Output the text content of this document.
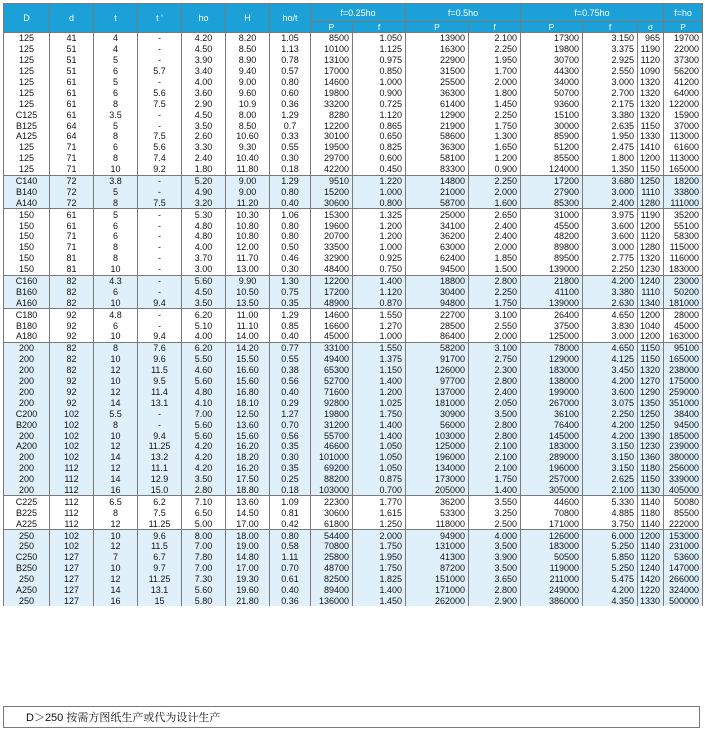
D	d	t	t '	ho	H	ho/t	f=0.25ho		f=0.5ho		f=0.75ho			f=ho
							P	f	P	f	P	f	σ	P
125	41	4	-	4.20	8.20	1.05	8500	1.050	13900	2.100	17300	3.150	965	19700
125	51	4	-	4.50	8.50	1.13	10100	1.125	16300	2.250	19800	3.375	1190	22000
125	51	5	-	3.90	8.90	0.78	13100	0.975	22900	1.950	30700	2.925	1120	37300
125	51	6	5.7	3.40	9.40	0.57	17000	0.850	31500	1.700	44300	2.550	1090	56200
125	61	5	-	4.00	9.00	0.80	14600	1.000	25500	2.000	34000	3.000	1320	41200
125	61	6	5.6	3.60	9.60	0.60	19800	0.900	36300	1.800	50700	2.700	1320	64000
125	61	8	7.5	2.90	10.9	0.36	33200	0.725	61400	1.450	93600	2.175	1320	122000
C125	61	3.5	-	4.50	8.00	1.29	8280	1.120	12900	2.250	15100	3.380	1320	15900
B125	64	5	-	3.50	8.50	0.7	12200	0.865	21900	1.750	30000	2.635	1150	37000
A125	64	8	7.5	2.60	10.60	0.33	30100	0.650	58600	1.300	85900	1.950	1330	113000
125	71	6	5.6	3.30	9.30	0.55	19500	0.825	36300	1.650	51200	2.475	1410	61600
125	71	8	7.4	2.40	10.40	0.30	29700	0.600	58100	1.200	85500	1.800	1200	113000
125	71	10	9.2	1.80	11.80	0.18	42200	0.450	83300	0.900	124000	1.350	1150	165000
C140	72	3.8	-	5.20	9.00	1.29	9510	1.220	14800	2.250	17200	3.680	1250	18200
B140	72	5	-	4.90	9.00	0.80	15200	1.000	21000	2.000	27900	3.000	1110	33800
A140	72	8	7.5	3.20	11.20	0.40	30600	0.800	58700	1.600	85300	2.400	1280	111000
150	61	5	-	5.30	10.30	1.06	15300	1.325	25000	2.650	31000	3.975	1190	35200
150	61	6	-	4.80	10.80	0.80	19600	1.200	34100	2.400	45500	3.600	1200	55100
150	71	6	-	4.80	10.80	0.80	20700	1.200	36200	2.400	48200	3.600	1120	58300
150	71	8	-	4.00	12.00	0.50	33500	1.000	63000	2.000	89800	3.000	1280	115000
150	81	8	-	3.70	11.70	0.46	32900	0.925	62400	1.850	89500	2.775	1320	116000
150	81	10	-	3.00	13.00	0.30	48400	0.750	94500	1.500	139000	2.250	1230	183000
C160	82	4.3	-	5.60	9.90	1.30	12200	1.400	18800	2.800	21800	4.200	1240	23000
B160	82	6	-	4.50	10.50	0.75	17200	1.120	30400	2.250	41100	3.380	1110	50200
A160	82	10	9.4	3.50	13.50	0.35	48900	0.870	94800	1.750	139000	2.630	1340	181000
C180	92	4.8	-	6.20	11.00	1.29	14600	1.550	22700	3.100	26400	4.650	1200	28000
B180	92	6	-	5.10	11.10	0.85	16600	1.270	28500	2.550	37500	3.830	1040	45000
A180	92	10	9.4	4.00	14.00	0.40	45000	1.000	86400	2.000	125000	3.000	1200	163000
200	82	8	7.6	6.20	14.20	0.77	33100	1.550	58200	3.100	78000	4.650	1150	95100
200	82	10	9.6	5.50	15.50	0.55	49400	1.375	91700	2.750	129000	4.125	1150	165000
200	82	12	11.5	4.60	16.60	0.38	65300	1.150	126000	2.300	183000	3.450	1320	238000
200	92	10	9.5	5.60	15.60	0.56	52700	1.400	97700	2.800	138000	4.200	1270	175000
200	92	12	11.4	4.80	16.80	0.40	71600	1.200	137000	2.400	199000	3.600	1290	259000
200	92	14	13.1	4.10	18.10	0.29	92800	1.025	181000	2.050	267000	3.075	1350	351000
C200	102	5.5	-	7.00	12.50	1.27	19800	1.750	30900	3.500	36100	2.250	1250	38400
B200	102	8	-	5.60	13.60	0.70	31200	1.400	56000	2.800	76400	4.200	1250	94500
200	102	10	9.4	5.60	15.60	0.56	55700	1.400	103000	2.800	145000	4.200	1390	185000
A200	102	12	11.25	4.20	16.20	0.35	46600	1.050	125000	2.100	183000	3.150	1230	239000
200	102	14	13.2	4.20	18.20	0.30	101000	1.050	196000	2.100	289000	3.150	1360	380000
200	112	12	11.1	4.20	16.20	0.35	69200	1.050	134000	2.100	196000	3.150	1180	256000
200	112	14	12.9	3.50	17.50	0.25	88200	0.875	173000	1.750	257000	2.625	1150	339000
200	112	16	15.0	2.80	18.80	0.18	103000	0.700	205000	1.400	305000	2.100	1130	405000
C225	112	6.5	6.2	7.10	13.60	1.09	22300	1.770	36200	3.550	44600	5.330	1140	50080
B225	112	8	7.5	6.50	14.50	0.81	30600	1.615	53300	3.250	70800	4.885	1180	85500
A225	112	12	11.25	5.00	17.00	0.42	61800	1.250	118000	2.500	171000	3.750	1140	222000
250	102	10	9.6	8.00	18.00	0.80	54400	2.000	94900	4.000	126000	6.000	1200	153000
250	102	12	11.5	7.00	19.00	0.58	70800	1.750	131000	3.500	183000	5.250	1140	231000
C250	127	7	6.7	7.80	14.80	1.11	25800	1.950	41300	3.900	50500	5.850	1120	53600
B250	127	10	9.7	7.00	17.00	0.70	48700	1.750	87200	3.500	119000	5.250	1240	147000
250	127	12	11.25	7.30	19.30	0.61	82500	1.825	151000	3.650	211000	5.475	1420	266000
A250	127	14	13.1	5.60	19.60	0.40	89400	1.400	171000	2.800	249000	4.200	1220	324000
250	127	16	15	5.80	21.80	0.36	136000	1.450	262000	2.900	386000	4.350	1330	500000
D＞250 按需方图纸生产或代为设计生产
